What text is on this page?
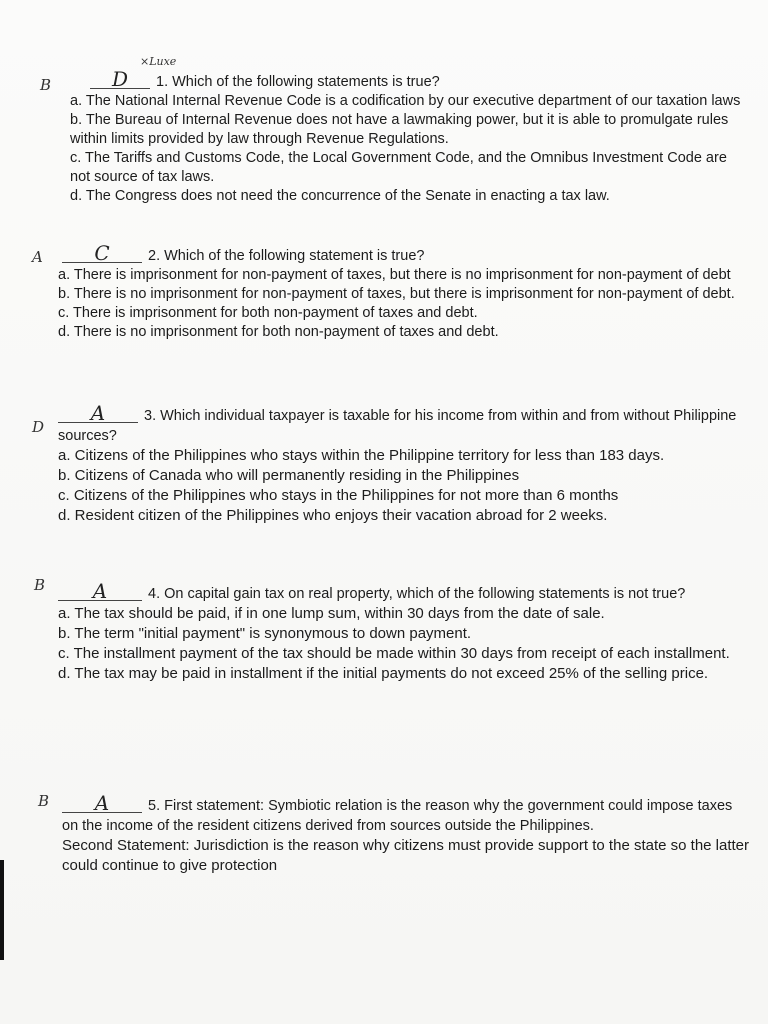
B
×Luxe
D 1. Which of the following statements is true?
a. The National Internal Revenue Code is a codification by our executive department of our taxation laws
b. The Bureau of Internal Revenue does not have a lawmaking power, but it is able to promulgate rules within limits provided by law through Revenue Regulations.
c. The Tariffs and Customs Code, the Local Government Code, and the Omnibus Investment Code are not source of tax laws.
d. The Congress does not need the concurrence of the Senate in enacting a tax law.
A	C	2. Which of the following statement is true?
a. There is imprisonment for non-payment of taxes, but there is no imprisonment for non-payment of debt
b. There is no imprisonment for non-payment of taxes, but there is imprisonment for non-payment of debt.
c. There is imprisonment for both non-payment of taxes and debt.
d. There is no imprisonment for both non-payment of taxes and debt.
D
A	3. Which individual taxpayer is taxable for his income from within and from without Philippine sources?
a. Citizens of the Philippines who stays within the Philippine territory for less than 183 days.
b. Citizens of Canada who will permanently residing in the Philippines
c. Citizens of the Philippines who stays in the Philippines for not more than 6 months
d. Resident citizen of the Philippines who enjoys their vacation abroad for 2 weeks.
B	A	4. On capital gain tax on real property, which of the following statements is not true?
a. The tax should be paid, if in one lump sum, within 30 days from the date of sale.
b. The term "initial payment" is synonymous to down payment.
c. The installment payment of the tax should be made within 30 days from receipt of each installment.
d. The tax may be paid in installment if the initial payments do not exceed 25% of the selling price.
B	A	5. First statement: Symbiotic relation is the reason why the government could impose taxes on the income of the resident citizens derived from sources outside the Philippines.
Second Statement: Jurisdiction is the reason why citizens must provide support to the state so the latter could continue to give protection
